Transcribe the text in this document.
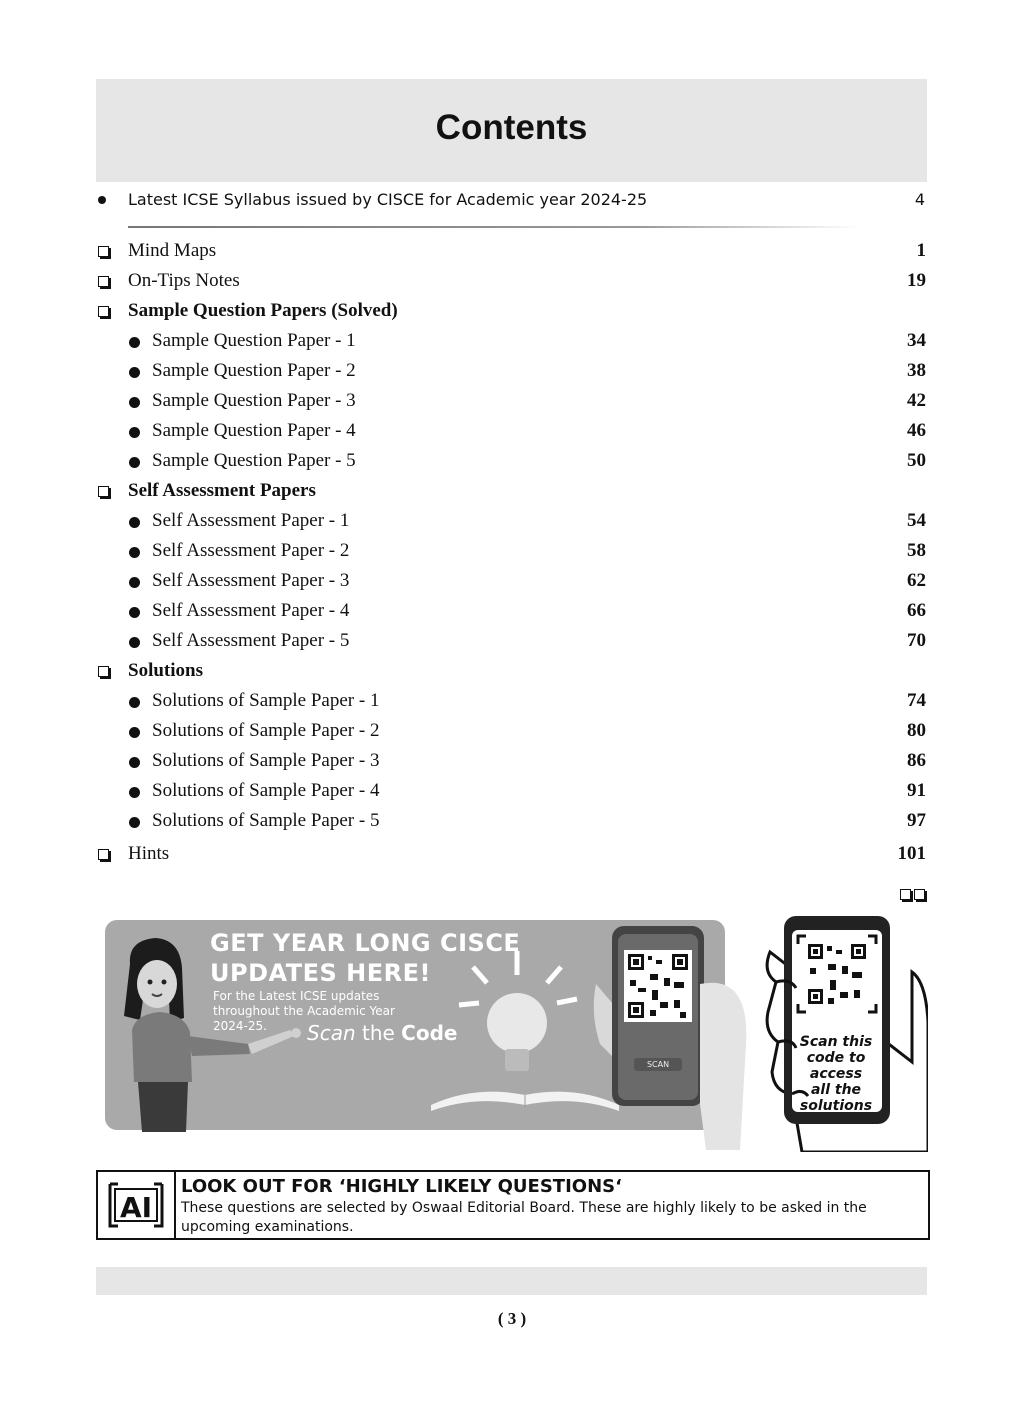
Contents
Latest ICSE Syllabus issued by CISCE for Academic year 2024-25	4
Mind Maps	1
On-Tips Notes	19
Sample Question Papers (Solved)
Sample Question Paper - 1	34
Sample Question Paper - 2	38
Sample Question Paper - 3	42
Sample Question Paper - 4	46
Sample Question Paper - 5	50
Self Assessment Papers
Self Assessment Paper - 1	54
Self Assessment Paper - 2	58
Self Assessment Paper - 3	62
Self Assessment Paper - 4	66
Self Assessment Paper - 5	70
Solutions
Solutions of Sample Paper - 1	74
Solutions of Sample Paper - 2	80
Solutions of Sample Paper - 3	86
Solutions of Sample Paper - 4	91
Solutions of Sample Paper - 5	97
Hints	101
GET YEAR LONG CISCE
UPDATES HERE!
For the Latest ICSE updates
throughout the Academic Year
2024-25.	Scan the Code
SCAN
Scan this
code to
access
all the
solutions
AI
LOOK OUT FOR ‘HIGHLY LIKELY QUESTIONS‘
These questions are selected by Oswaal Editorial Board. These are highly likely to be asked in the upcoming examinations.
( 3 )
